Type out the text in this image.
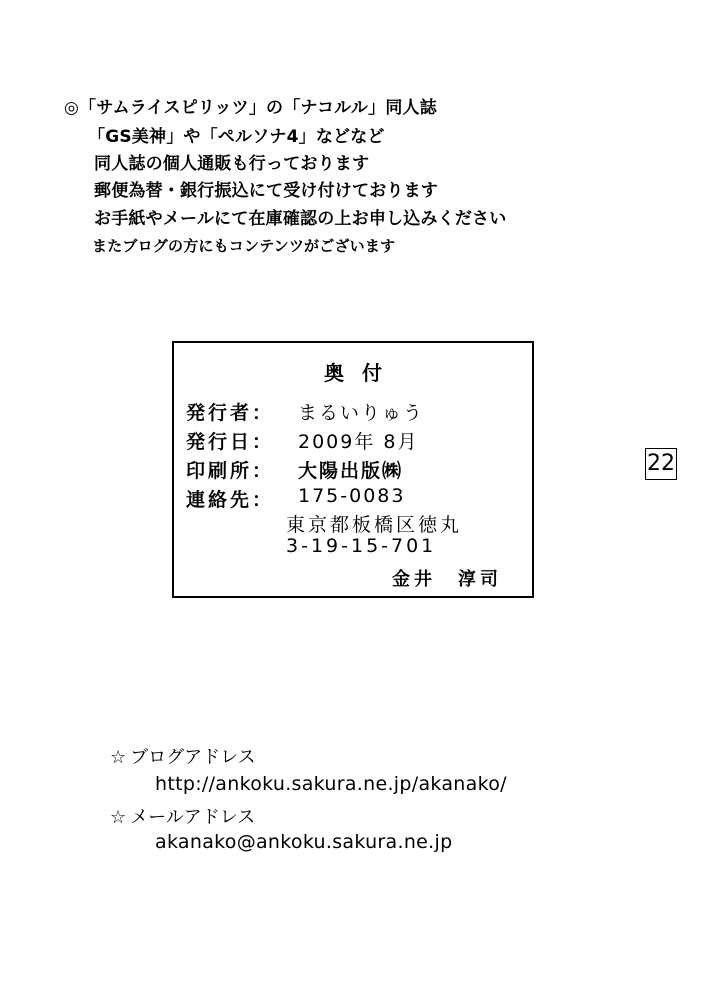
◎「サムライスピリッツ」の「ナコルル」同人誌
「GS美神」や「ペルソナ4」などなど
同人誌の個人通販も行っております
郵便為替・銀行振込にて受け付けております
お手紙やメールにて在庫確認の上お申し込みください
またブログの方にもコンテンツがございます
奥付
発行者： まるいりゅう
発行日： 2009年 8月
印刷所： 大陽出版㈱
連絡先： 175-0083
東京都板橋区徳丸
3-19-15-701
金井　淳司
22
☆ ブログアドレス
http://ankoku.sakura.ne.jp/akanako/
☆ メールアドレス
akanako@ankoku.sakura.ne.jp
